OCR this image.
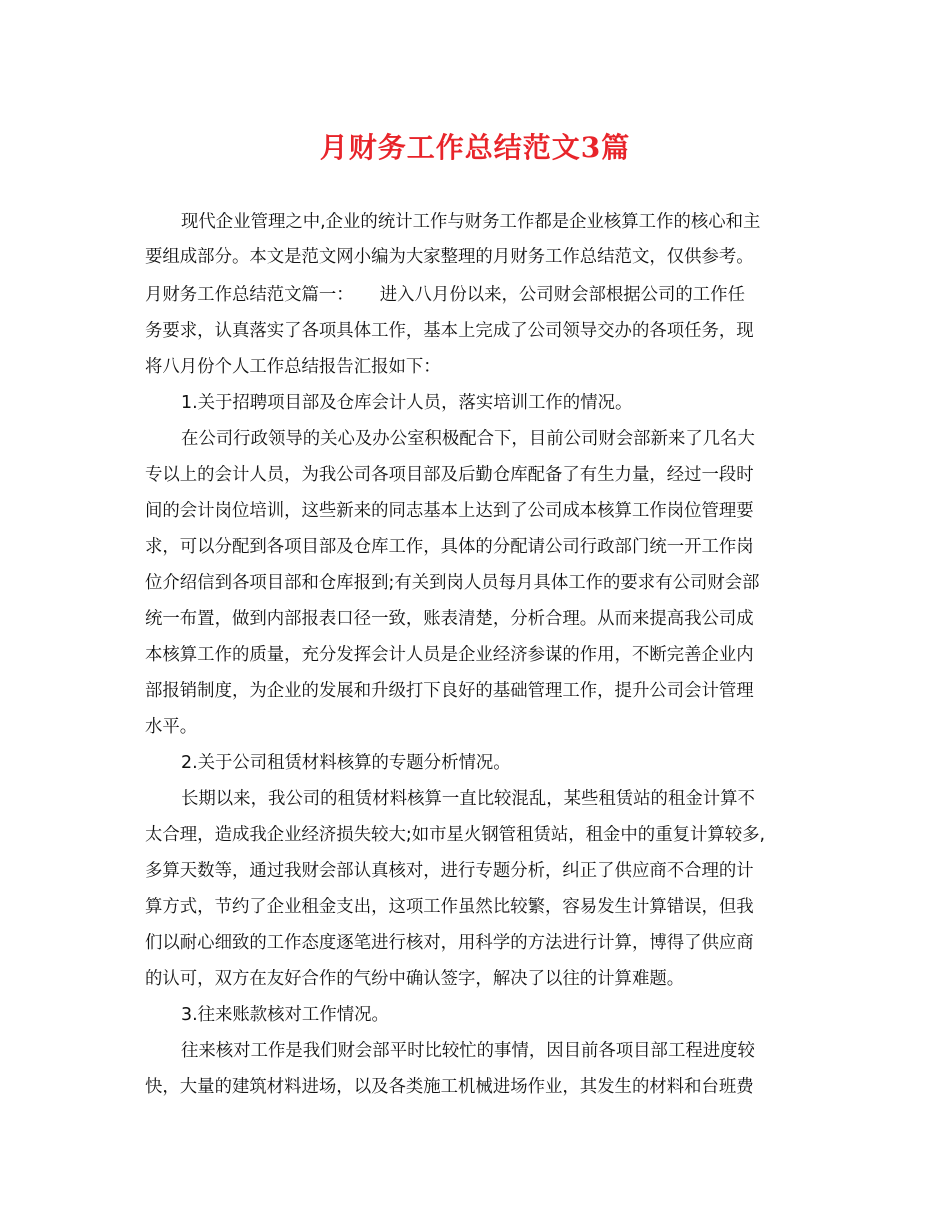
月财务工作总结范文3篇
现代企业管理之中,企业的统计工作与财务工作都是企业核算工作的核心和主
要组成部分。本文是范文网小编为大家整理的月财务工作总结范文，仅供参考。
月财务工作总结范文篇一：　　进入八月份以来，公司财会部根据公司的工作任
务要求，认真落实了各项具体工作，基本上完成了公司领导交办的各项任务，现
将八月份个人工作总结报告汇报如下：
1.关于招聘项目部及仓库会计人员，落实培训工作的情况。
在公司行政领导的关心及办公室积极配合下，目前公司财会部新来了几名大
专以上的会计人员，为我公司各项目部及后勤仓库配备了有生力量，经过一段时
间的会计岗位培训，这些新来的同志基本上达到了公司成本核算工作岗位管理要
求，可以分配到各项目部及仓库工作，具体的分配请公司行政部门统一开工作岗
位介绍信到各项目部和仓库报到;有关到岗人员每月具体工作的要求有公司财会部
统一布置，做到内部报表口径一致，账表清楚，分析合理。从而来提高我公司成
本核算工作的质量，充分发挥会计人员是企业经济参谋的作用，不断完善企业内
部报销制度，为企业的发展和升级打下良好的基础管理工作，提升公司会计管理
水平。
2.关于公司租赁材料核算的专题分析情况。
长期以来，我公司的租赁材料核算一直比较混乱，某些租赁站的租金计算不
太合理，造成我企业经济损失较大;如市星火钢管租赁站，租金中的重复计算较多,
多算天数等，通过我财会部认真核对，进行专题分析，纠正了供应商不合理的计
算方式，节约了企业租金支出，这项工作虽然比较繁，容易发生计算错误，但我
们以耐心细致的工作态度逐笔进行核对，用科学的方法进行计算，博得了供应商
的认可，双方在友好合作的气纷中确认签字，解决了以往的计算难题。
3.往来账款核对工作情况。
往来核对工作是我们财会部平时比较忙的事情，因目前各项目部工程进度较
快，大量的建筑材料进场，以及各类施工机械进场作业，其发生的材料和台班费
